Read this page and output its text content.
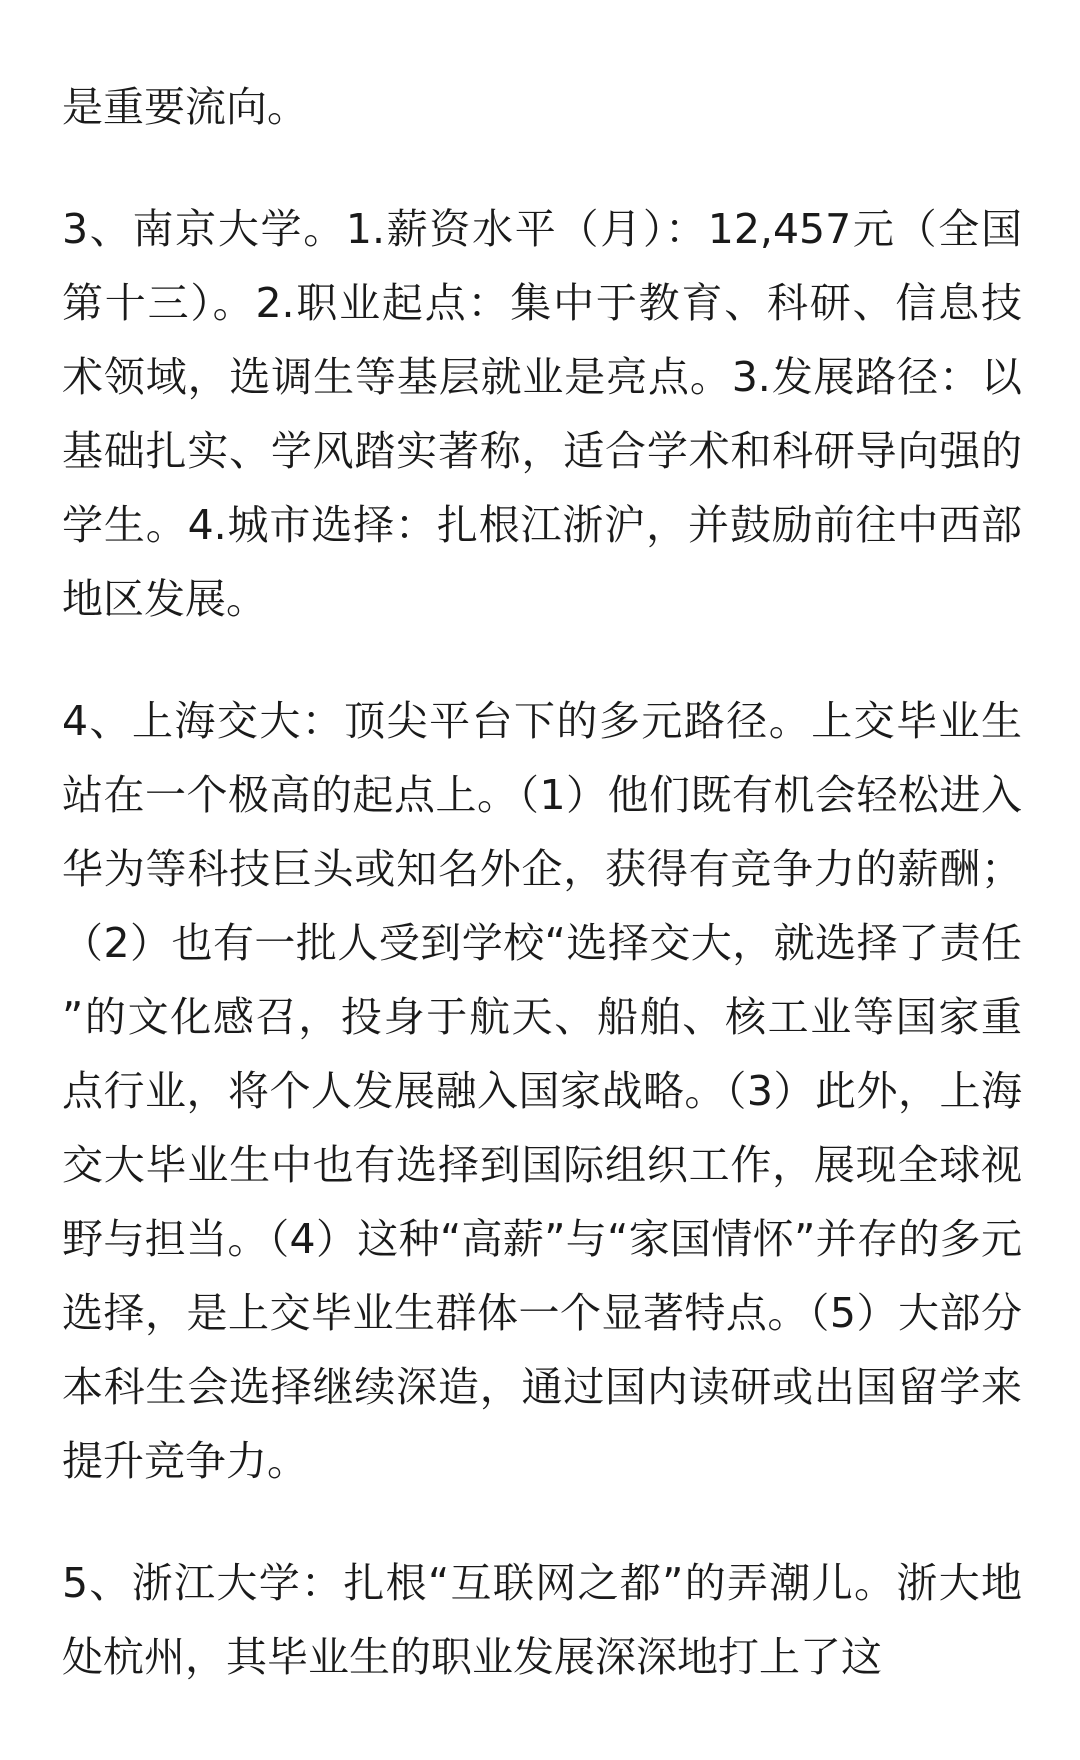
是重要流向。

3、南京大学。1.薪资水平（月）：12,457元（全国第十三）。2.职业起点：集中于教育、科研、信息技术领域，选调生等基层就业是亮点。3.发展路径：以基础扎实、学风踏实著称，适合学术和科研导向强的学生。4.城市选择：扎根江浙沪，并鼓励前往中西部地区发展。

4、上海交大：顶尖平台下的多元路径。上交毕业生站在一个极高的起点上。（1）他们既有机会轻松进入华为等科技巨头或知名外企，获得有竞争力的薪酬；（2）也有一批人受到学校“选择交大，就选择了责任”的文化感召，投身于航天、船舶、核工业等国家重点行业，将个人发展融入国家战略。（3）此外，上海交大毕业生中也有选择到国际组织工作，展现全球视野与担当。（4）这种“高薪”与“家国情怀”并存的多元选择，是上交毕业生群体一个显著特点。（5）大部分本科生会选择继续深造，通过国内读研或出国留学来提升竞争力。

5、浙江大学：扎根“互联网之都”的弄潮儿。浙大地处杭州，其毕业生的职业发展深深地打上了这
